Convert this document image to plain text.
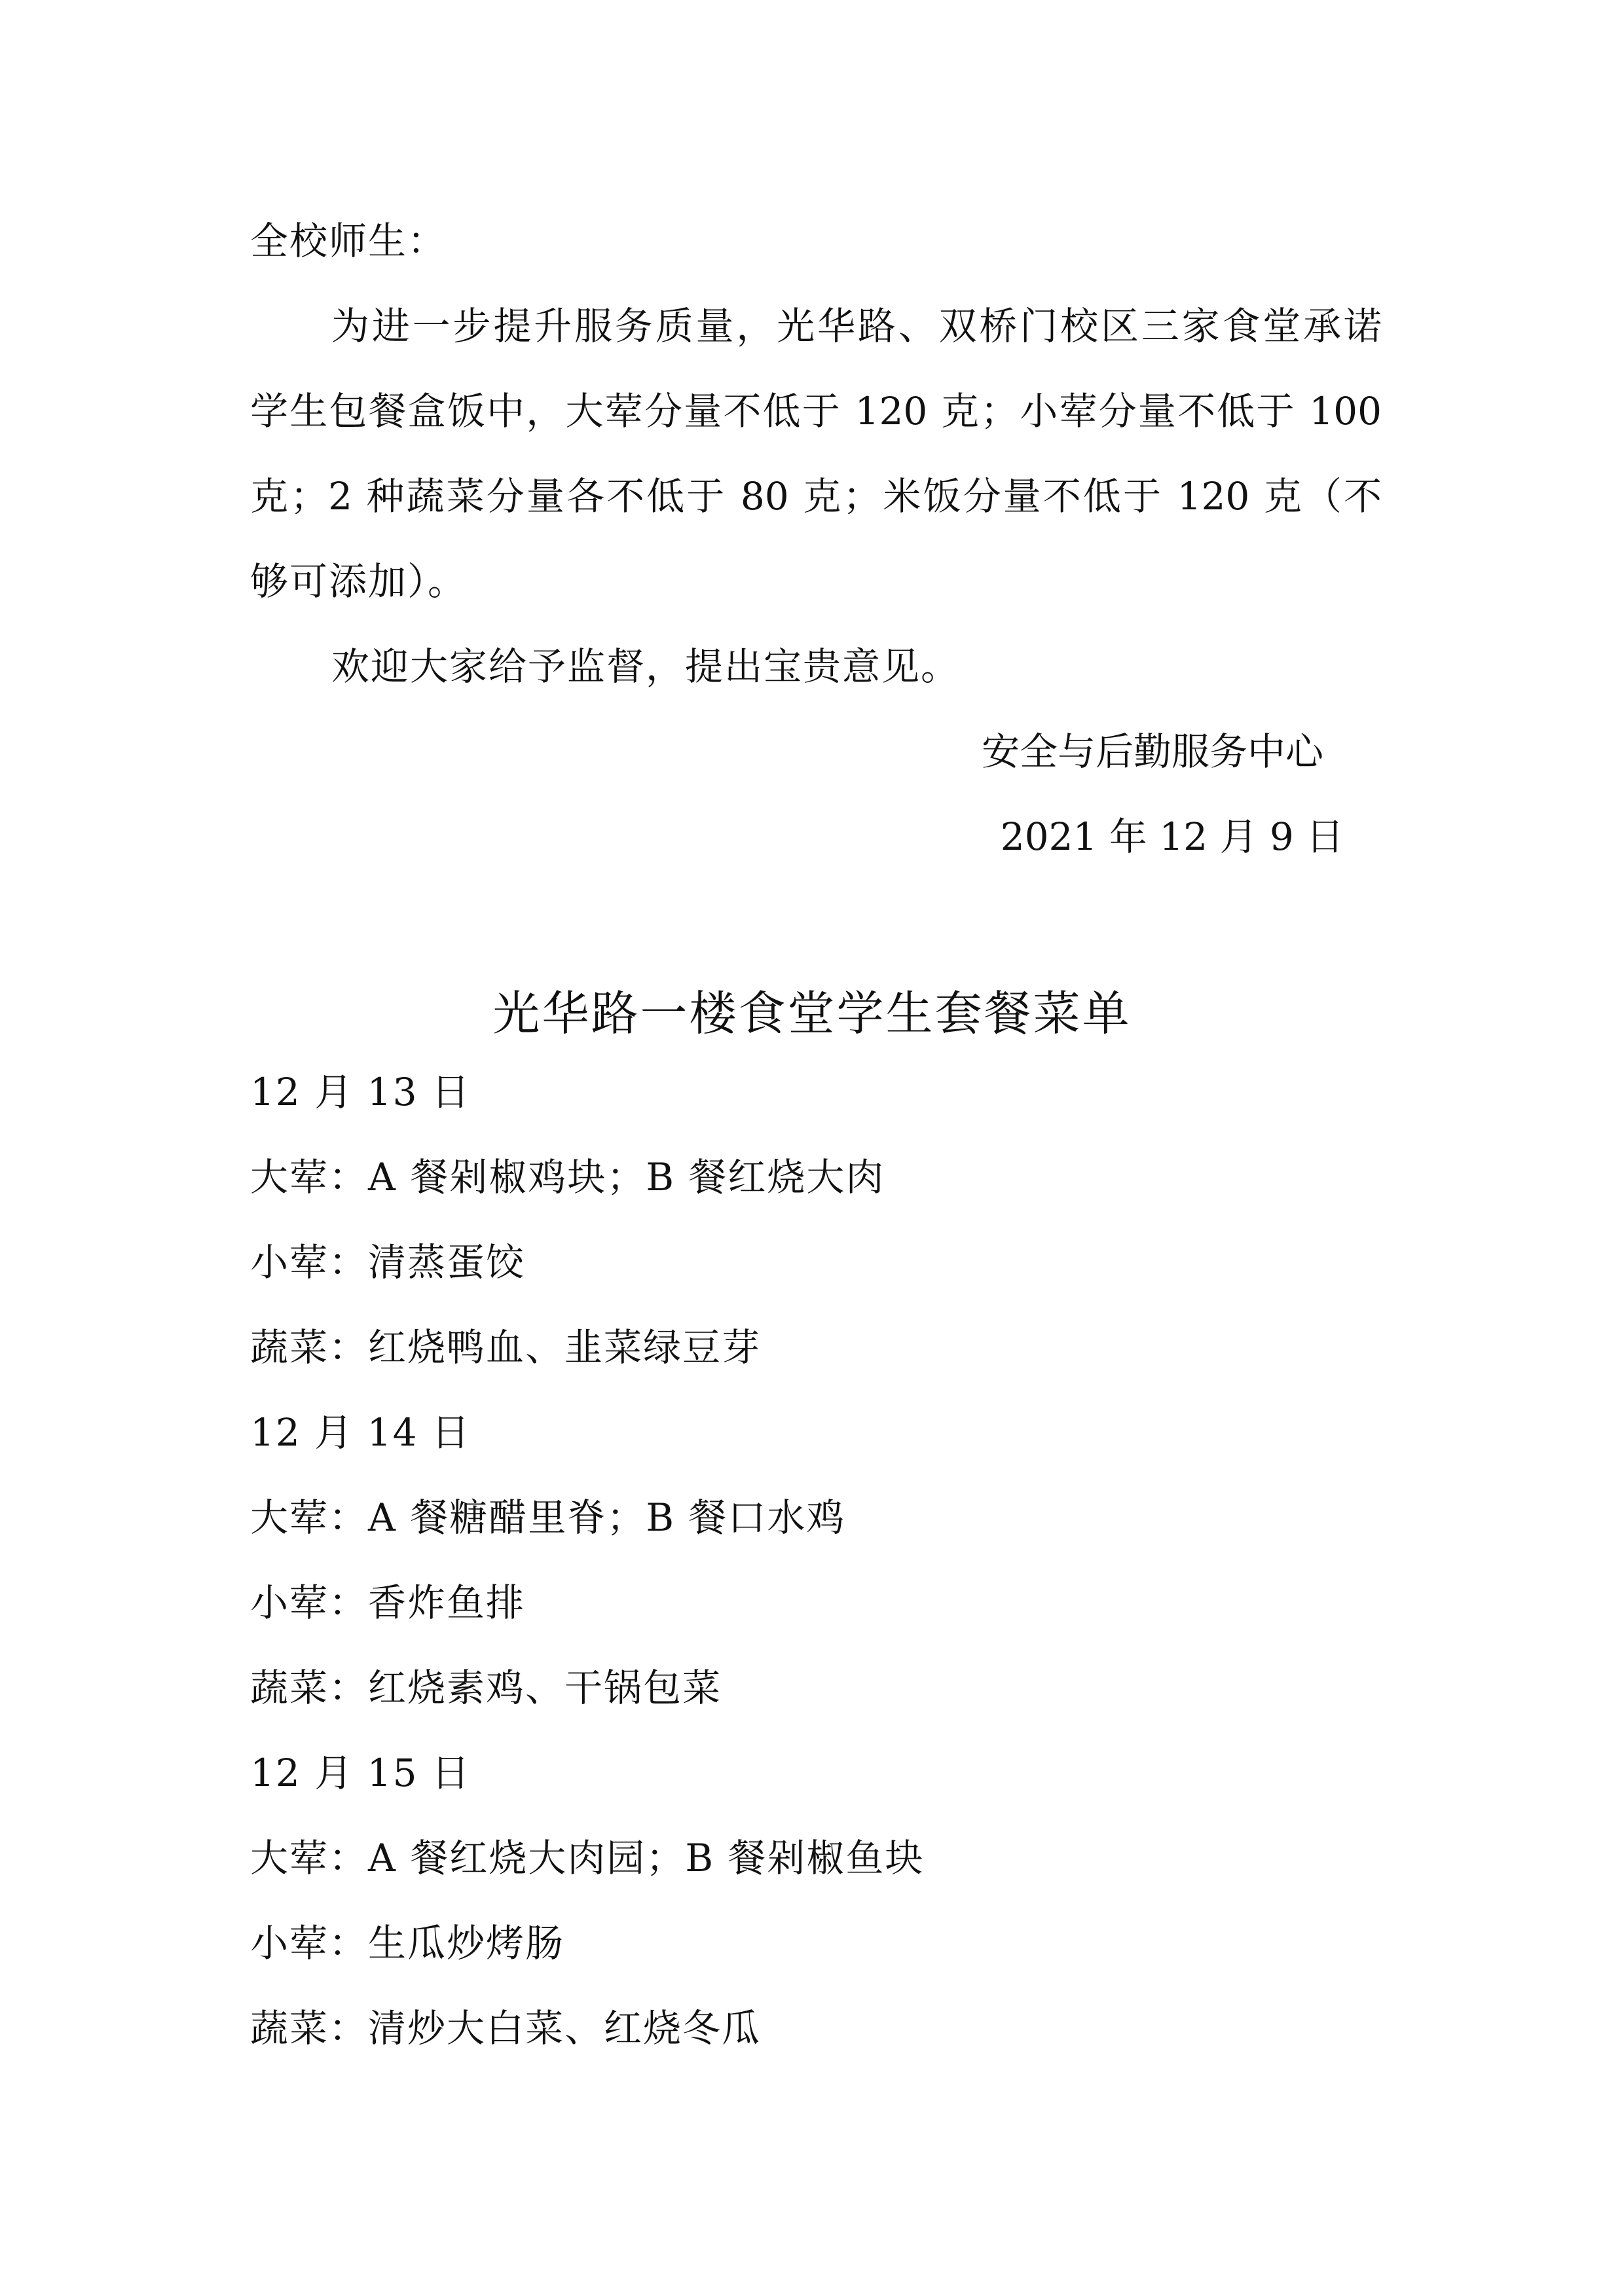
全校师生：
为进一步提升服务质量，光华路、双桥门校区三家食堂承诺
学生包餐盒饭中，大荤分量不低于 120 克；小荤分量不低于 100
克；2 种蔬菜分量各不低于 80 克；米饭分量不低于 120 克（不
够可添加）。
欢迎大家给予监督，提出宝贵意见。
安全与后勤服务中心
2021 年 12 月 9 日
光华路一楼食堂学生套餐菜单
12 月 13 日
大荤：A 餐剁椒鸡块；B 餐红烧大肉
小荤：清蒸蛋饺
蔬菜：红烧鸭血、韭菜绿豆芽
12 月 14 日
大荤：A 餐糖醋里脊；B 餐口水鸡
小荤：香炸鱼排
蔬菜：红烧素鸡、干锅包菜
12 月 15 日
大荤：A 餐红烧大肉园；B 餐剁椒鱼块
小荤：生瓜炒烤肠
蔬菜：清炒大白菜、红烧冬瓜
